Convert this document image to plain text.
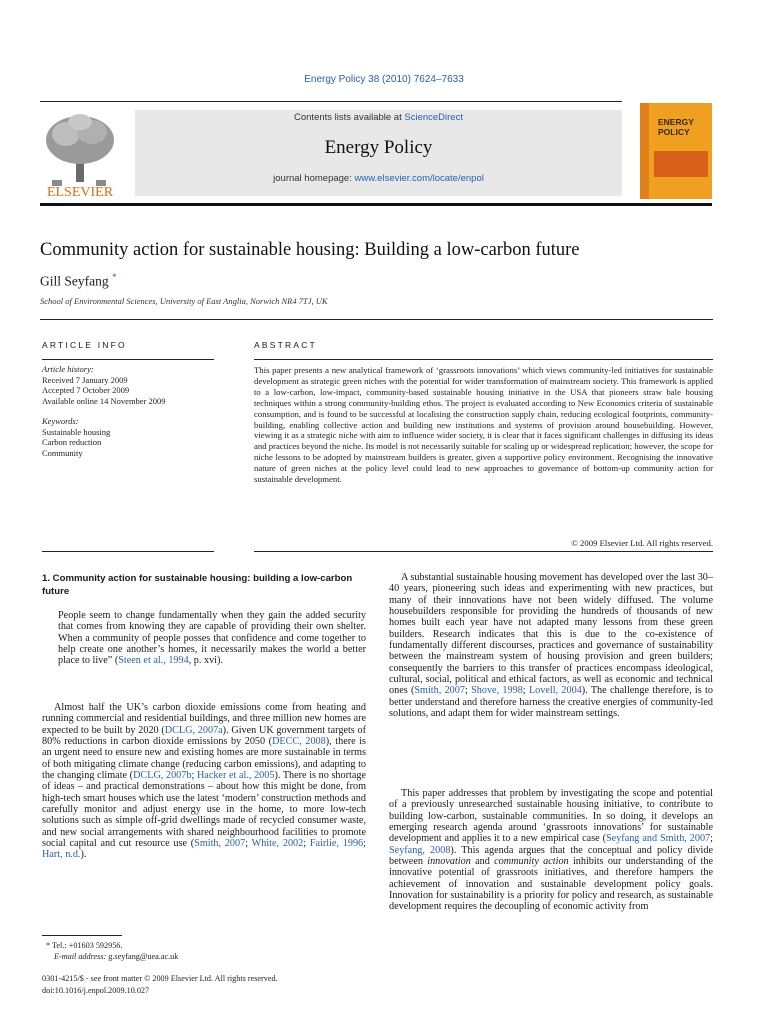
Energy Policy 38 (2010) 7624–7633
ELSEVIER
Contents lists available at ScienceDirect
Energy Policy
journal homepage: www.elsevier.com/locate/enpol
ENERGY
POLICY
Community action for sustainable housing: Building a low-carbon future
Gill Seyfang *
School of Environmental Sciences, University of East Anglia, Norwich NR4 7TJ, UK
ARTICLE INFO
Article history:
Received 7 January 2009
Accepted 7 October 2009
Available online 14 November 2009
Keywords:
Sustainable housing
Carbon reduction
Community
ABSTRACT
This paper presents a new analytical framework of ‘grassroots innovations’ which views community-led initiatives for sustainable development as strategic green niches with the potential for wider transformation of mainstream society. This framework is applied to a low-carbon, low-impact, community-based sustainable housing initiative in the USA that pioneers straw bale housing techniques within a strong community-building ethos. The project is evaluated according to New Economics criteria of sustainable consumption, and is found to be successful at localising the construction supply chain, reducing ecological footprints, community-building, enabling collective action and building new institutions and systems of provision around housebuilding. However, viewing it as a strategic niche with aim to influence wider society, it is clear that it faces significant challenges in diffusing its ideas and practices beyond the niche. Its model is not necessarily suitable for scaling up or widespread replication; however, the scope for niche lessons to be adopted by mainstream builders is greater, given a supportive policy environment. Recognising the innovative nature of green niches at the policy level could lead to new approaches to governance of bottom-up community action for sustainable development.
© 2009 Elsevier Ltd. All rights reserved.
1. Community action for sustainable housing: building a low-carbon future
People seem to change fundamentally when they gain the added security that comes from knowing they are capable of providing their own shelter. When a community of people posses that confidence and come together to help create one another’s homes, it necessarily makes the world a better place to live” (Steen et al., 1994, p. xvi).
Almost half the UK’s carbon dioxide emissions come from heating and running commercial and residential buildings, and three million new homes are expected to be built by 2020 (DCLG, 2007a). Given UK government targets of 80% reductions in carbon dioxide emissions by 2050 (DECC, 2008), there is an urgent need to ensure new and existing homes are more sustainable in terms of both mitigating climate change (reducing carbon emissions), and adapting to the changing climate (DCLG, 2007b; Hacker et al., 2005). There is no shortage of ideas – and practical demonstrations – about how this might be done, from high-tech smart houses which use the latest ‘modern’ construction methods and carefully monitor and adjust energy use in the home, to more low-tech solutions such as simple off-grid dwellings made of recycled consumer waste, and new social arrangements with shared neighbourhood facilities to promote social capital and cut resource use (Smith, 2007; White, 2002; Fairlie, 1996; Hart, n.d.).
A substantial sustainable housing movement has developed over the last 30–40 years, pioneering such ideas and experimenting with new practices, but many of their innovations have not been widely diffused. The volume housebuilders responsible for providing the hundreds of thousands of new homes built each year have not adapted many lessons from these green builders. Research indicates that this is due to the co-existence of fundamentally different discourses, practices and governance of sustainability between the mainstream system of housing provision and green builders; consequently the barriers to this transfer of practices encompass ideological, cultural, social, political and ethical factors, as well as economic and technical ones (Smith, 2007; Shove, 1998; Lovell, 2004). The challenge therefore, is to better understand and therefore harness the creative energies of community-led solutions, and adapt them for wider mainstream settings.
This paper addresses that problem by investigating the scope and potential of a previously unresearched sustainable housing initiative, to contribute to building low-carbon, sustainable communities. In so doing, it develops an emerging research agenda around ‘grassroots innovations’ for sustainable development and applies it to a new empirical case (Seyfang and Smith, 2007; Seyfang, 2008). This agenda argues that the conceptual and policy divide between innovation and community action inhibits our understanding of the innovative potential of grassroots initiatives, and therefore hampers the achievement of innovation and sustainable development policy goals. Innovation for sustainability is a priority for policy and research, as sustainable development requires the decoupling of economic activity from
* Tel.: +01603 592956.
E-mail address: g.seyfang@uea.ac.uk
0301-4215/$ - see front matter © 2009 Elsevier Ltd. All rights reserved.
doi:10.1016/j.enpol.2009.10.027
